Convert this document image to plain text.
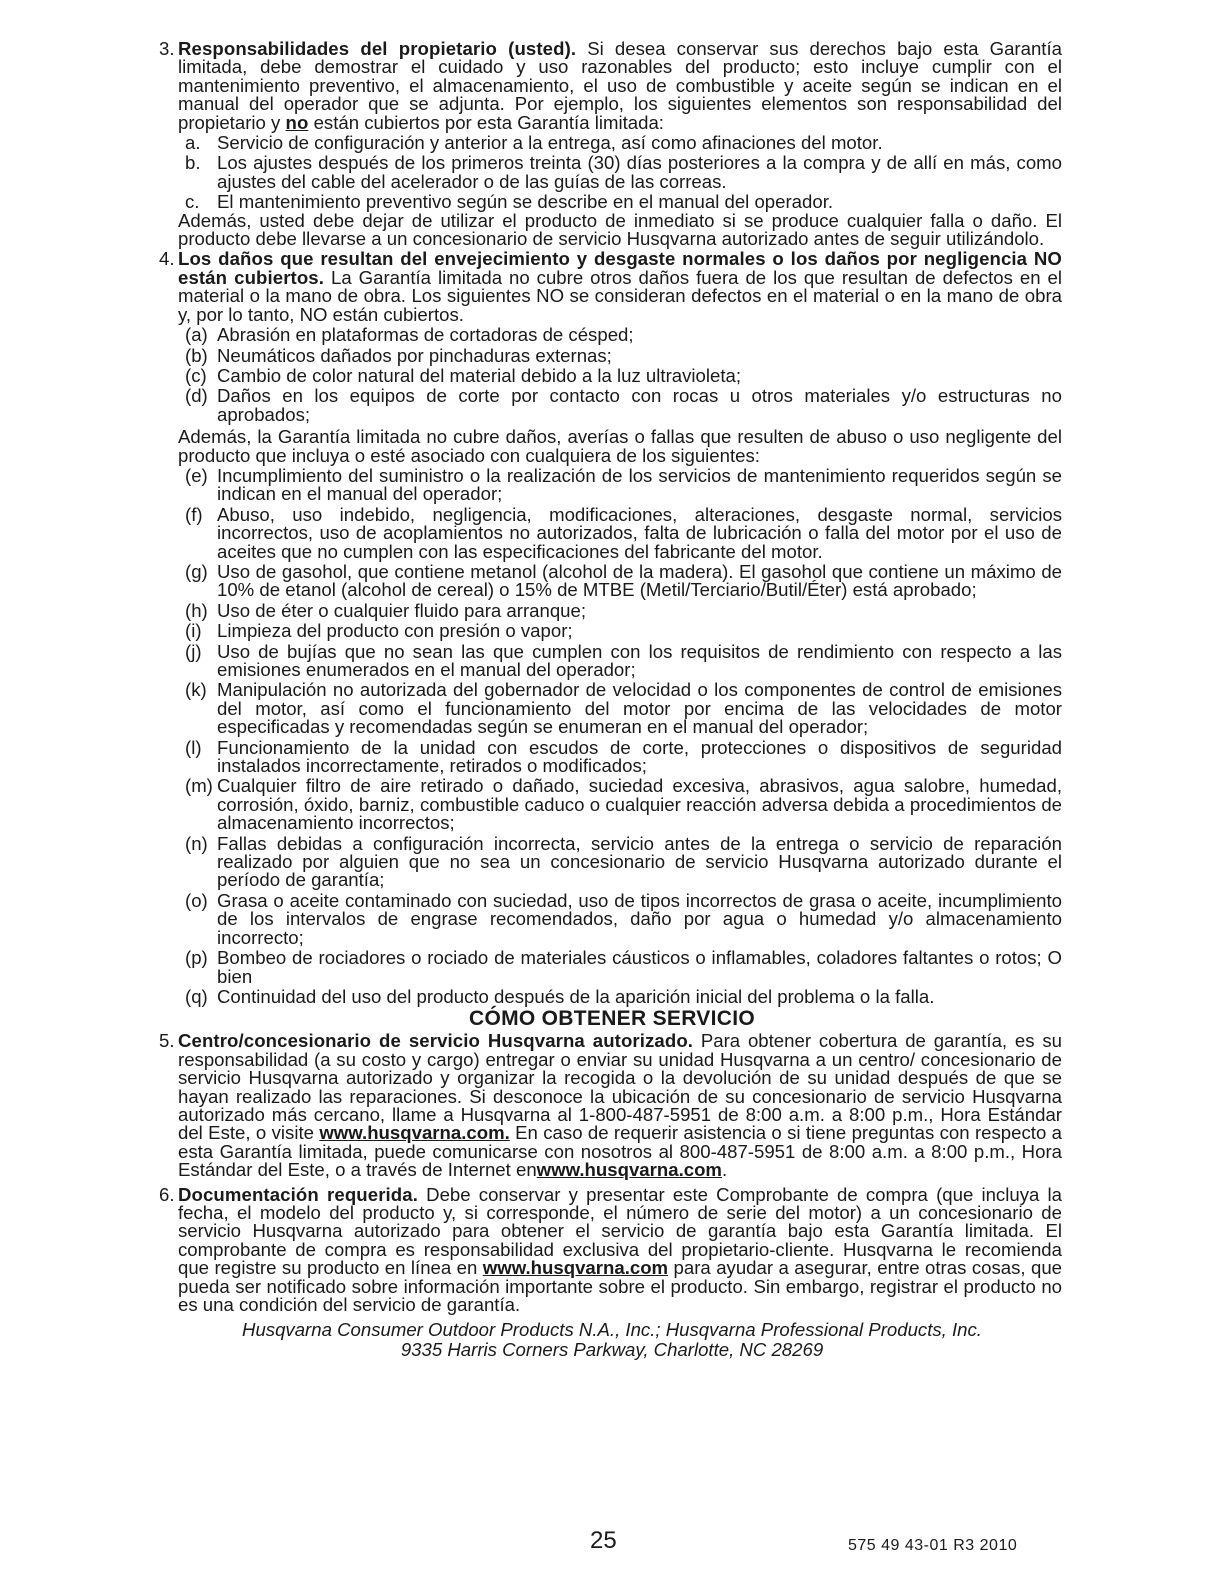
3. Responsabilidades del propietario (usted). Si desea conservar sus derechos bajo esta Garantía limitada, debe demostrar el cuidado y uso razonables del producto; esto incluye cumplir con el mantenimiento preventivo, el almacenamiento, el uso de combustible y aceite según se indican en el manual del operador que se adjunta. Por ejemplo, los siguientes elementos son responsabilidad del propietario y no están cubiertos por esta Garantía limitada:
a. Servicio de configuración y anterior a la entrega, así como afinaciones del motor.
b. Los ajustes después de los primeros treinta (30) días posteriores a la compra y de allí en más, como ajustes del cable del acelerador o de las guías de las correas.
c. El mantenimiento preventivo según se describe en el manual del operador.
Además, usted debe dejar de utilizar el producto de inmediato si se produce cualquier falla o daño. El producto debe llevarse a un concesionario de servicio Husqvarna autorizado antes de seguir utilizándolo.
4. Los daños que resultan del envejecimiento y desgaste normales o los daños por negligencia NO están cubiertos. La Garantía limitada no cubre otros daños fuera de los que resultan de defectos en el material o la mano de obra. Los siguientes NO se consideran defectos en el material o en la mano de obra y, por lo tanto, NO están cubiertos.
(a) Abrasión en plataformas de cortadoras de césped;
(b) Neumáticos dañados por pinchaduras externas;
(c) Cambio de color natural del material debido a la luz ultravioleta;
(d) Daños en los equipos de corte por contacto con rocas u otros materiales y/o estructuras no aprobados;
Además, la Garantía limitada no cubre daños, averías o fallas que resulten de abuso o uso negligente del producto que incluya o esté asociado con cualquiera de los siguientes:
(e) Incumplimiento del suministro o la realización de los servicios de mantenimiento requeridos según se indican en el manual del operador;
(f) Abuso, uso indebido, negligencia, modificaciones, alteraciones, desgaste normal, servicios incorrectos, uso de acoplamientos no autorizados, falta de lubricación o falla del motor por el uso de aceites que no cumplen con las especificaciones del fabricante del motor.
(g) Uso de gasohol, que contiene metanol (alcohol de la madera). El gasohol que contiene un máximo de 10% de etanol (alcohol de cereal) o 15% de MTBE (Metil/Terciario/Butil/Éter) está aprobado;
(h) Uso de éter o cualquier fluido para arranque;
(i) Limpieza del producto con presión o vapor;
(j) Uso de bujías que no sean las que cumplen con los requisitos de rendimiento con respecto a las emisiones enumerados en el manual del operador;
(k) Manipulación no autorizada del gobernador de velocidad o los componentes de control de emisiones del motor, así como el funcionamiento del motor por encima de las velocidades de motor especificadas y recomendadas según se enumeran en el manual del operador;
(l) Funcionamiento de la unidad con escudos de corte, protecciones o dispositivos de seguridad instalados incorrectamente, retirados o modificados;
(m) Cualquier filtro de aire retirado o dañado, suciedad excesiva, abrasivos, agua salobre, humedad, corrosión, óxido, barniz, combustible caduco o cualquier reacción adversa debida a procedimientos de almacenamiento incorrectos;
(n) Fallas debidas a configuración incorrecta, servicio antes de la entrega o servicio de reparación realizado por alguien que no sea un concesionario de servicio Husqvarna autorizado durante el período de garantía;
(o) Grasa o aceite contaminado con suciedad, uso de tipos incorrectos de grasa o aceite, incumplimiento de los intervalos de engrase recomendados, daño por agua o humedad y/o almacenamiento incorrecto;
(p) Bombeo de rociadores o rociado de materiales cáusticos o inflamables, coladores faltantes o rotos; O bien
(q) Continuidad del uso del producto después de la aparición inicial del problema o la falla.
CÓMO OBTENER SERVICIO
5. Centro/concesionario de servicio Husqvarna autorizado. Para obtener cobertura de garantía, es su responsabilidad (a su costo y cargo) entregar o enviar su unidad Husqvarna a un centro/ concesionario de servicio Husqvarna autorizado y organizar la recogida o la devolución de su unidad después de que se hayan realizado las reparaciones. Si desconoce la ubicación de su concesionario de servicio Husqvarna autorizado más cercano, llame a Husqvarna al 1-800-487-5951 de 8:00 a.m. a 8:00 p.m., Hora Estándar del Este, o visite www.husqvarna.com. En caso de requerir asistencia o si tiene preguntas con respecto a esta Garantía limitada, puede comunicarse con nosotros al 800-487-5951 de 8:00 a.m. a 8:00 p.m., Hora Estándar del Este, o a través de Internet enwww.husqvarna.com.
6. Documentación requerida. Debe conservar y presentar este Comprobante de compra (que incluya la fecha, el modelo del producto y, si corresponde, el número de serie del motor) a un concesionario de servicio Husqvarna autorizado para obtener el servicio de garantía bajo esta Garantía limitada. El comprobante de compra es responsabilidad exclusiva del propietario-cliente. Husqvarna le recomienda que registre su producto en línea en www.husqvarna.com para ayudar a asegurar, entre otras cosas, que pueda ser notificado sobre información importante sobre el producto. Sin embargo, registrar el producto no es una condición del servicio de garantía.
Husqvarna Consumer Outdoor Products N.A., Inc.; Husqvarna Professional Products, Inc.
9335 Harris Corners Parkway, Charlotte, NC 28269
25	575 49 43-01 R3 2010
